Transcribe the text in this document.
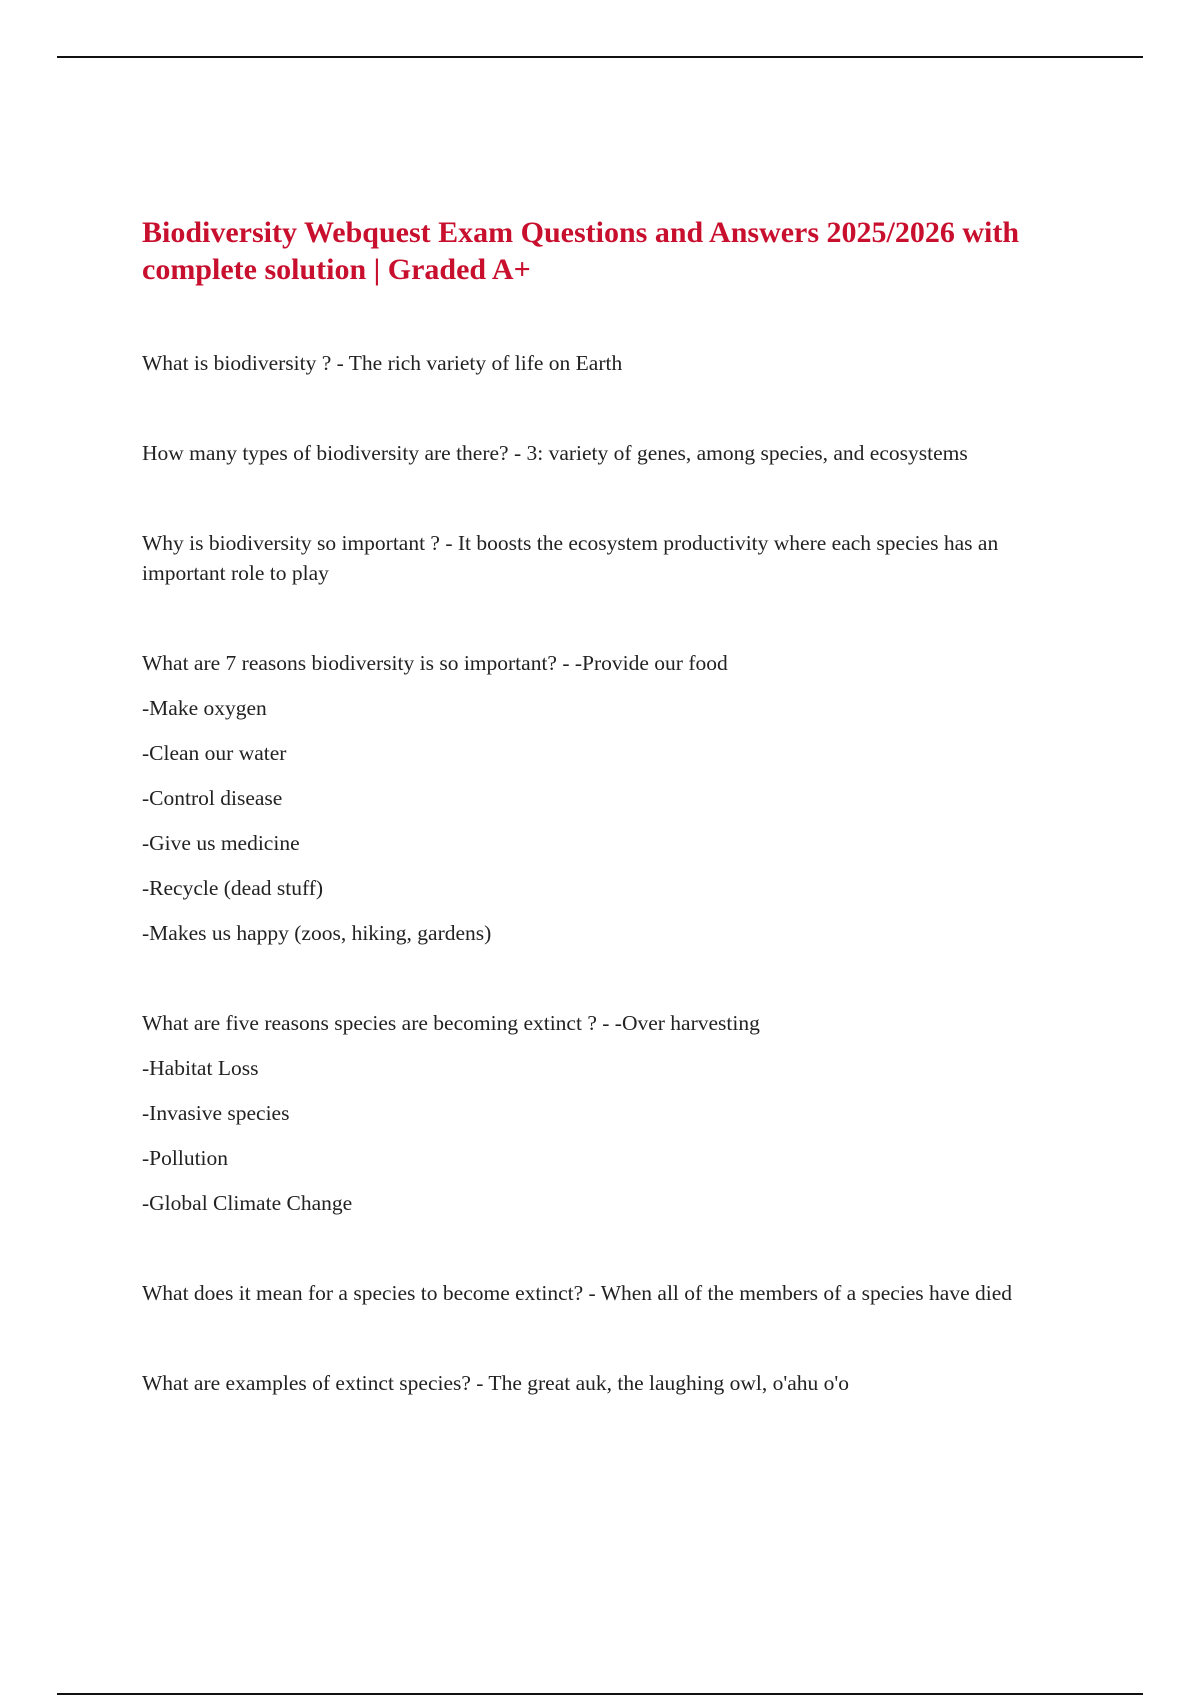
Biodiversity Webquest Exam Questions and Answers 2025/2026 with complete solution | Graded A+

What is biodiversity ? - The rich variety of life on Earth

How many types of biodiversity are there? - 3: variety of genes, among species, and ecosystems

Why is biodiversity so important ? - It boosts the ecosystem productivity where each species has an important role to play

What are 7 reasons biodiversity is so important? - -Provide our food

-Make oxygen
-Clean our water
-Control disease
-Give us medicine
-Recycle (dead stuff)
-Makes us happy (zoos, hiking, gardens)

What are five reasons species are becoming extinct ? - -Over harvesting

-Habitat Loss
-Invasive species
-Pollution
-Global Climate Change

What does it mean for a species to become extinct? - When all of the members of a species have died

What are examples of extinct species? - The great auk, the laughing owl, o'ahu o'o
